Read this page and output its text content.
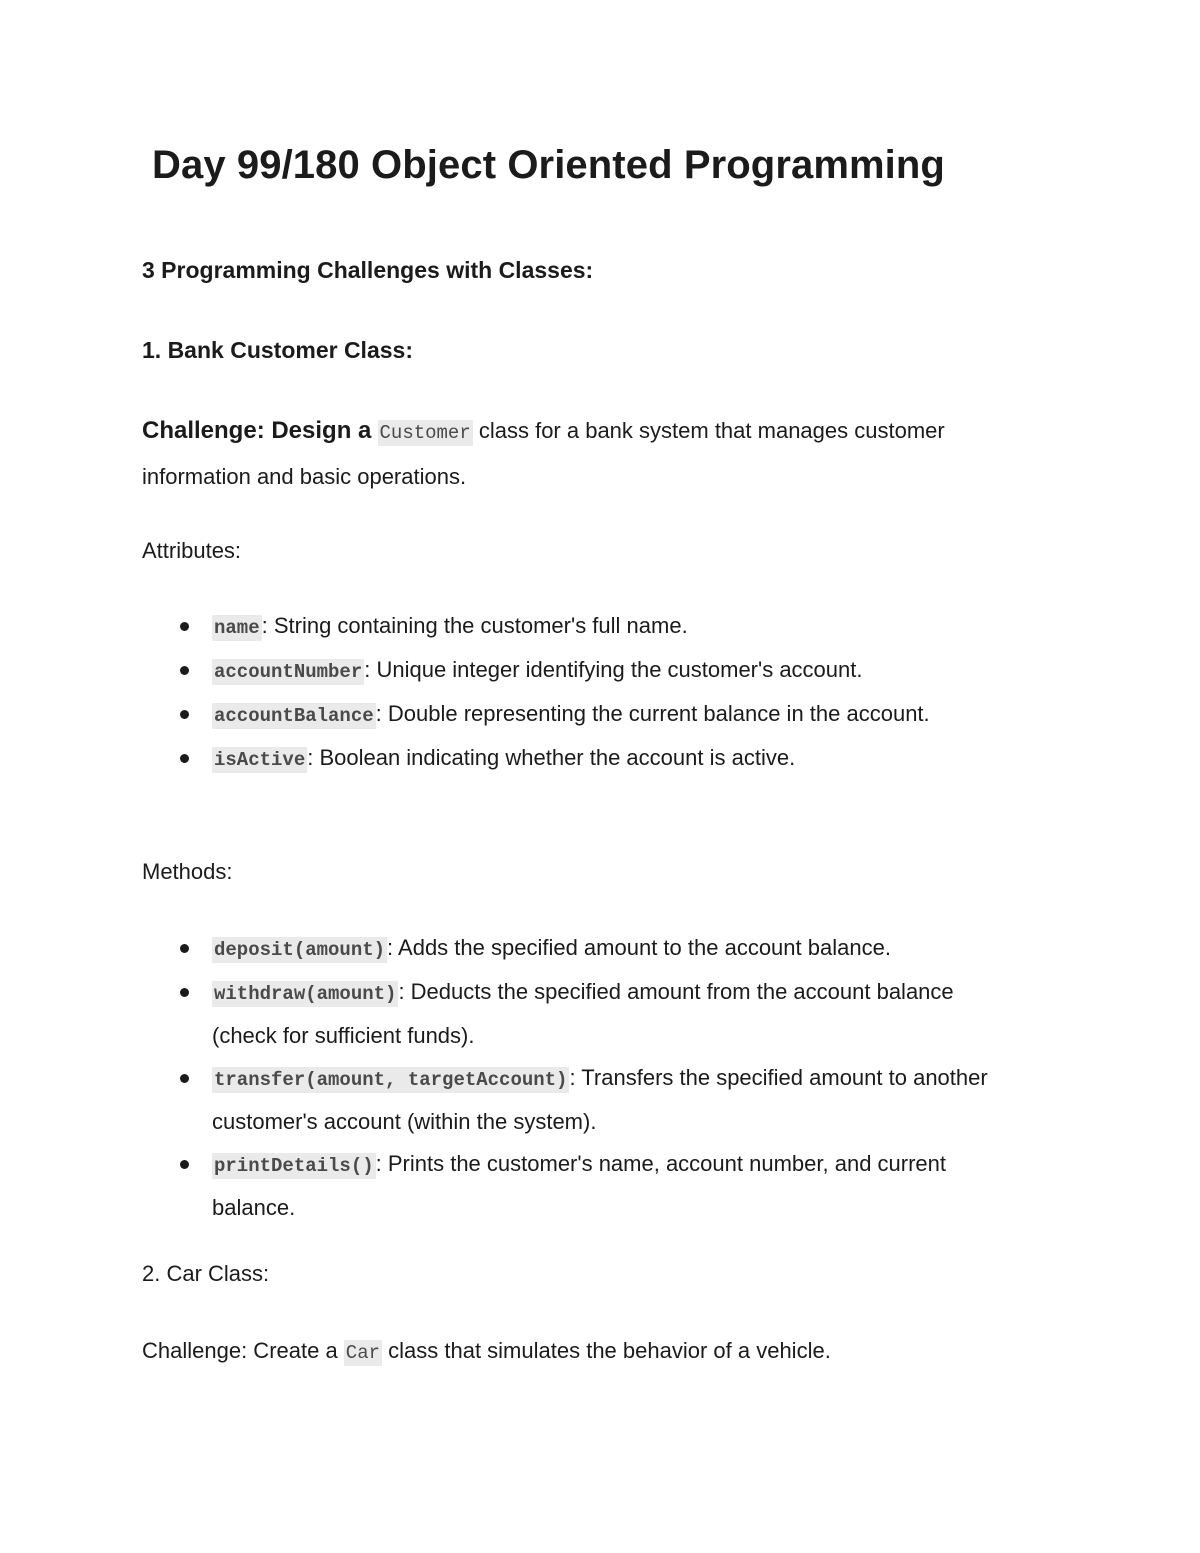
Day 99/180 Object Oriented Programming

3 Programming Challenges with Classes:

1. Bank Customer Class:

Challenge: Design a Customer class for a bank system that manages customer information and basic operations.

Attributes:

name: String containing the customer's full name.
accountNumber: Unique integer identifying the customer's account.
accountBalance: Double representing the current balance in the account.
isActive: Boolean indicating whether the account is active.

Methods:

deposit(amount): Adds the specified amount to the account balance.
withdraw(amount): Deducts the specified amount from the account balance (check for sufficient funds).
transfer(amount, targetAccount): Transfers the specified amount to another customer's account (within the system).
printDetails(): Prints the customer's name, account number, and current balance.

2. Car Class:

Challenge: Create a Car class that simulates the behavior of a vehicle.
